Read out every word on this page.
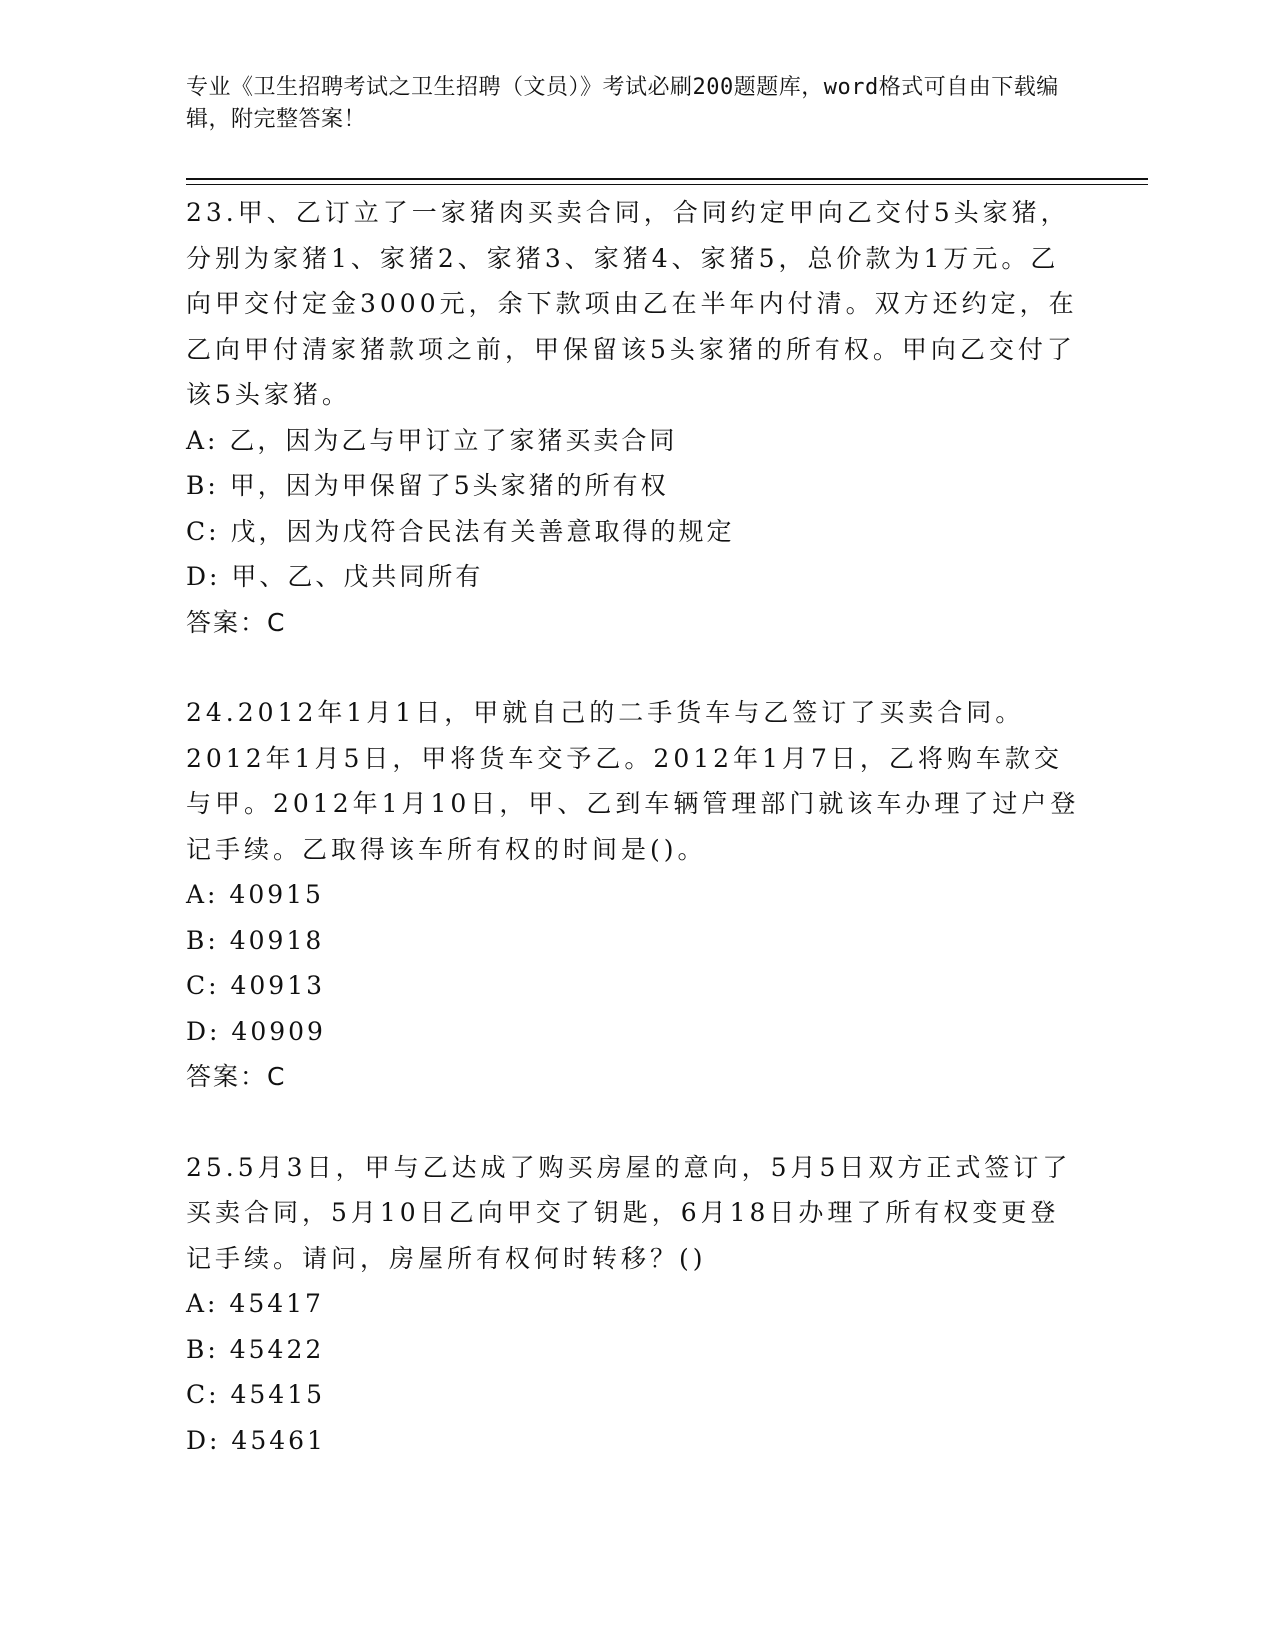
专业《卫生招聘考试之卫生招聘（文员）》考试必刷200题题库，word格式可自由下载编辑，附完整答案！

23.甲、乙订立了一家猪肉买卖合同，合同约定甲向乙交付5头家猪，分别为家猪1、家猪2、家猪3、家猪4、家猪5，总价款为1万元。乙向甲交付定金3000元，余下款项由乙在半年内付清。双方还约定，在乙向甲付清家猪款项之前，甲保留该5头家猪的所有权。甲向乙交付了该5头家猪。

A: 乙，因为乙与甲订立了家猪买卖合同

B: 甲，因为甲保留了5头家猪的所有权

C: 戊，因为戊符合民法有关善意取得的规定

D: 甲、乙、戊共同所有

答案：C

24.2012年1月1日，甲就自己的二手货车与乙签订了买卖合同。2012年1月5日，甲将货车交予乙。2012年1月7日，乙将购车款交与甲。2012年1月10日，甲、乙到车辆管理部门就该车办理了过户登记手续。乙取得该车所有权的时间是()。

A: 40915

B: 40918

C: 40913

D: 40909

答案：C

25.5月3日，甲与乙达成了购买房屋的意向，5月5日双方正式签订了买卖合同，5月10日乙向甲交了钥匙，6月18日办理了所有权变更登记手续。请问，房屋所有权何时转移？()

A: 45417

B: 45422

C: 45415

D: 45461
